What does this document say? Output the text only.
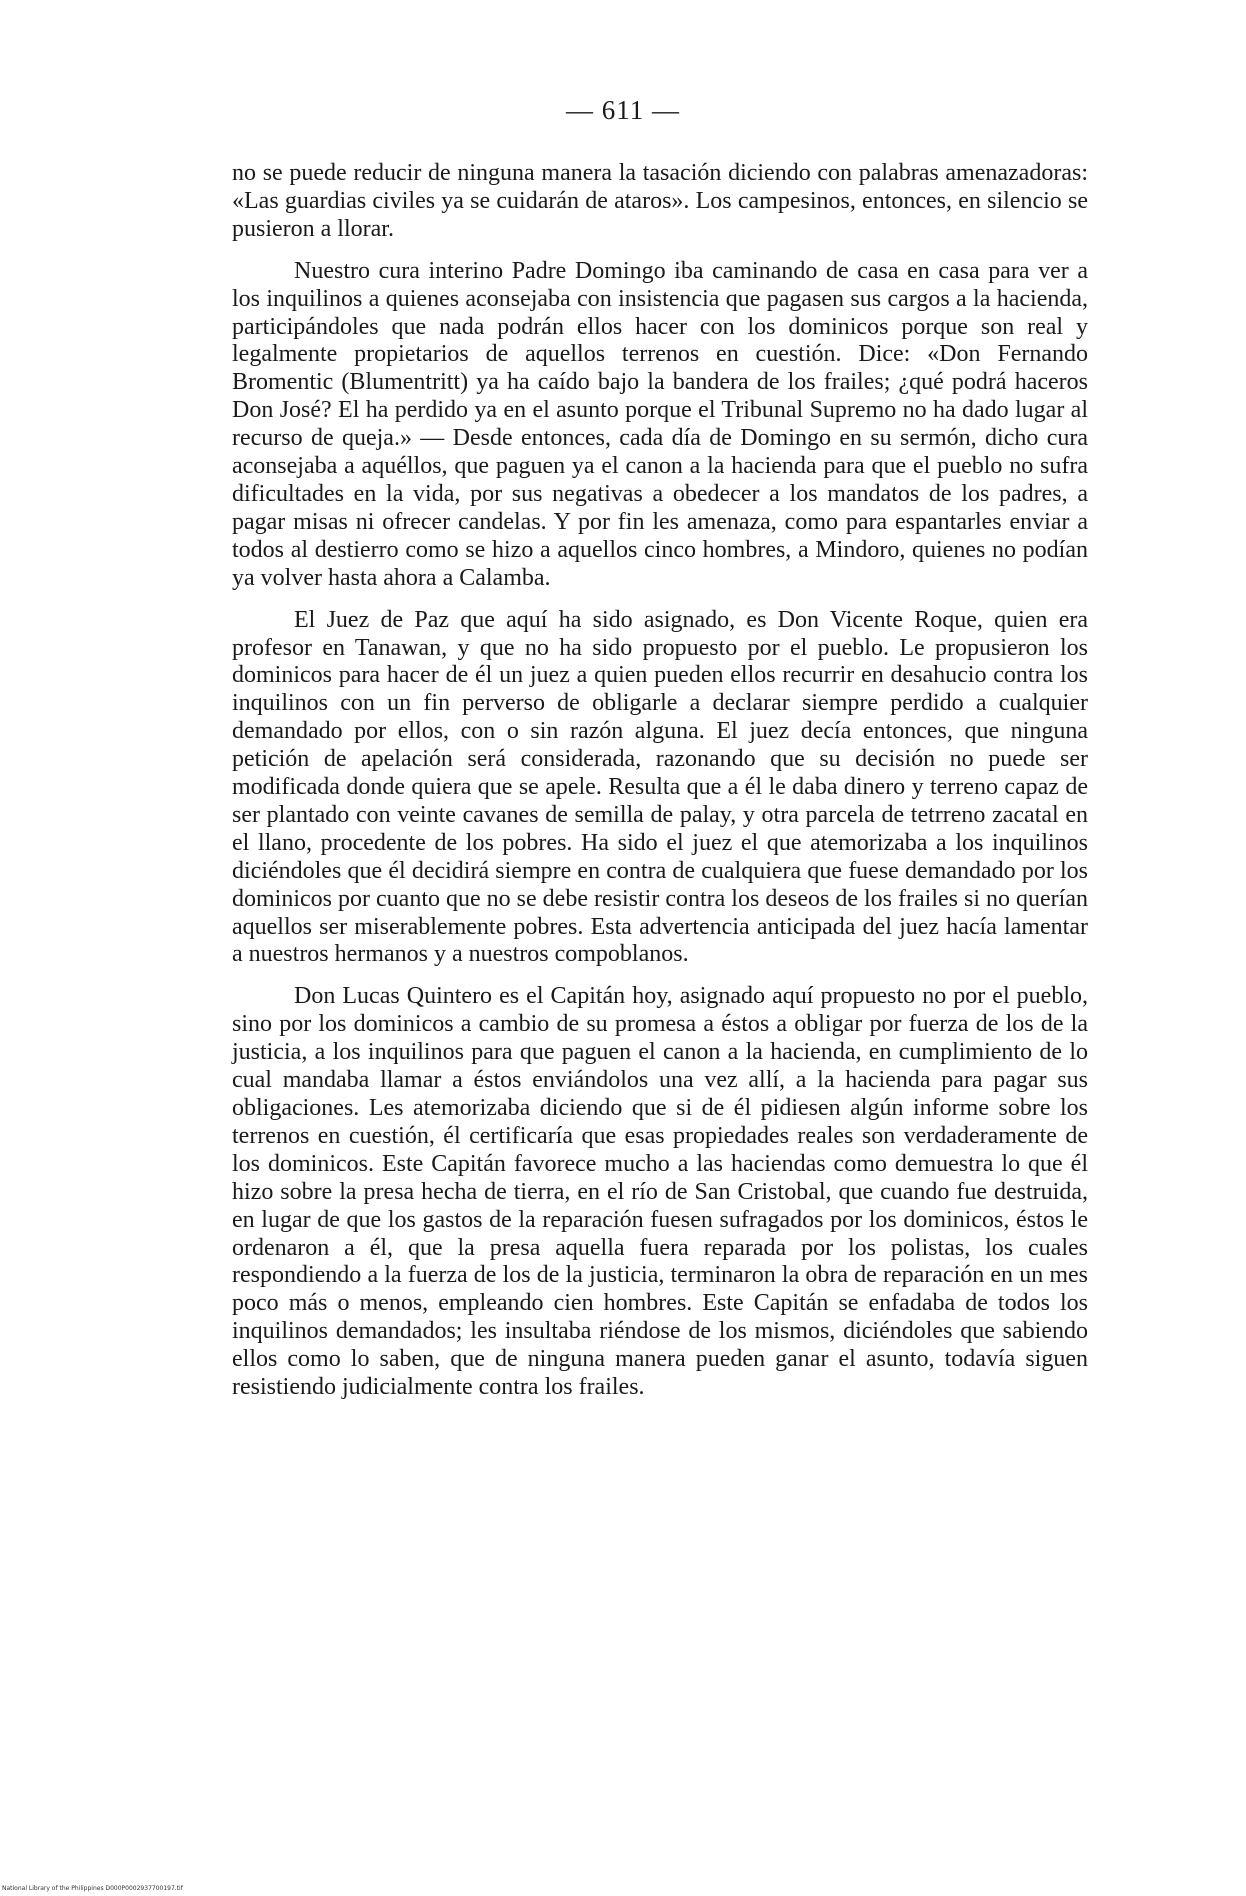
— 611 —

no se puede reducir de ninguna manera la tasación diciendo con palabras amenazadoras: «Las guardias civiles ya se cuidarán de ataros». Los campesinos, entonces, en silencio se pusieron a llorar.

Nuestro cura interino Padre Domingo iba caminando de casa en casa para ver a los inquilinos a quienes aconsejaba con insistencia que pagasen sus cargos a la hacienda, participándoles que nada podrán ellos hacer con los dominicos porque son real y legalmente propietarios de aquellos terrenos en cuestión. Dice: «Don Fernando Bromentic (Blumentritt) ya ha caído bajo la bandera de los frailes; ¿qué podrá haceros Don José? El ha perdido ya en el asunto porque el Tribunal Supremo no ha dado lugar al recurso de queja.» — Desde entonces, cada día de Domingo en su sermón, dicho cura aconsejaba a aquéllos, que paguen ya el canon a la hacienda para que el pueblo no sufra dificultades en la vida, por sus negativas a obedecer a los mandatos de los padres, a pagar misas ni ofrecer candelas. Y por fin les amenaza, como para espantarles enviar a todos al destierro como se hizo a aquellos cinco hombres, a Mindoro, quienes no podían ya volver hasta ahora a Calamba.

El Juez de Paz que aquí ha sido asignado, es Don Vicente Roque, quien era profesor en Tanawan, y que no ha sido propuesto por el pueblo. Le propusieron los dominicos para hacer de él un juez a quien pueden ellos recurrir en desahucio contra los inquilinos con un fin perverso de obligarle a declarar siempre perdido a cualquier demandado por ellos, con o sin razón alguna. El juez decía entonces, que ninguna petición de apelación será considerada, razonando que su decisión no puede ser modificada donde quiera que se apele. Resulta que a él le daba dinero y terreno capaz de ser plantado con veinte cavanes de semilla de palay, y otra parcela de tetrreno zacatal en el llano, procedente de los pobres. Ha sido el juez el que atemorizaba a los inquilinos diciéndoles que él decidirá siempre en contra de cualquiera que fuese demandado por los dominicos por cuanto que no se debe resistir contra los deseos de los frailes si no querían aquellos ser miserablemente pobres. Esta advertencia anticipada del juez hacía lamentar a nuestros hermanos y a nuestros compoblanos.

Don Lucas Quintero es el Capitán hoy, asignado aquí propuesto no por el pueblo, sino por los dominicos a cambio de su promesa a éstos a obligar por fuerza de los de la justicia, a los inquilinos para que paguen el canon a la hacienda, en cumplimiento de lo cual mandaba llamar a éstos enviándolos una vez allí, a la hacienda para pagar sus obligaciones. Les atemorizaba diciendo que si de él pidiesen algún informe sobre los terrenos en cuestión, él certificaría que esas propiedades reales son verdaderamente de los dominicos. Este Capitán favorece mucho a las haciendas como demuestra lo que él hizo sobre la presa hecha de tierra, en el río de San Cristobal, que cuando fue destruida, en lugar de que los gastos de la reparación fuesen sufragados por los dominicos, éstos le ordenaron a él, que la presa aquella fuera reparada por los polistas, los cuales respondiendo a la fuerza de los de la justicia, terminaron la obra de reparación en un mes poco más o menos, empleando cien hombres. Este Capitán se enfadaba de todos los inquilinos demandados; les insultaba riéndose de los mismos, diciéndoles que sabiendo ellos como lo saben, que de ninguna manera pueden ganar el asunto, todavía siguen resistiendo judicialmente contra los frailes.

National Library of the Philippines D000P0002937700197.tif
